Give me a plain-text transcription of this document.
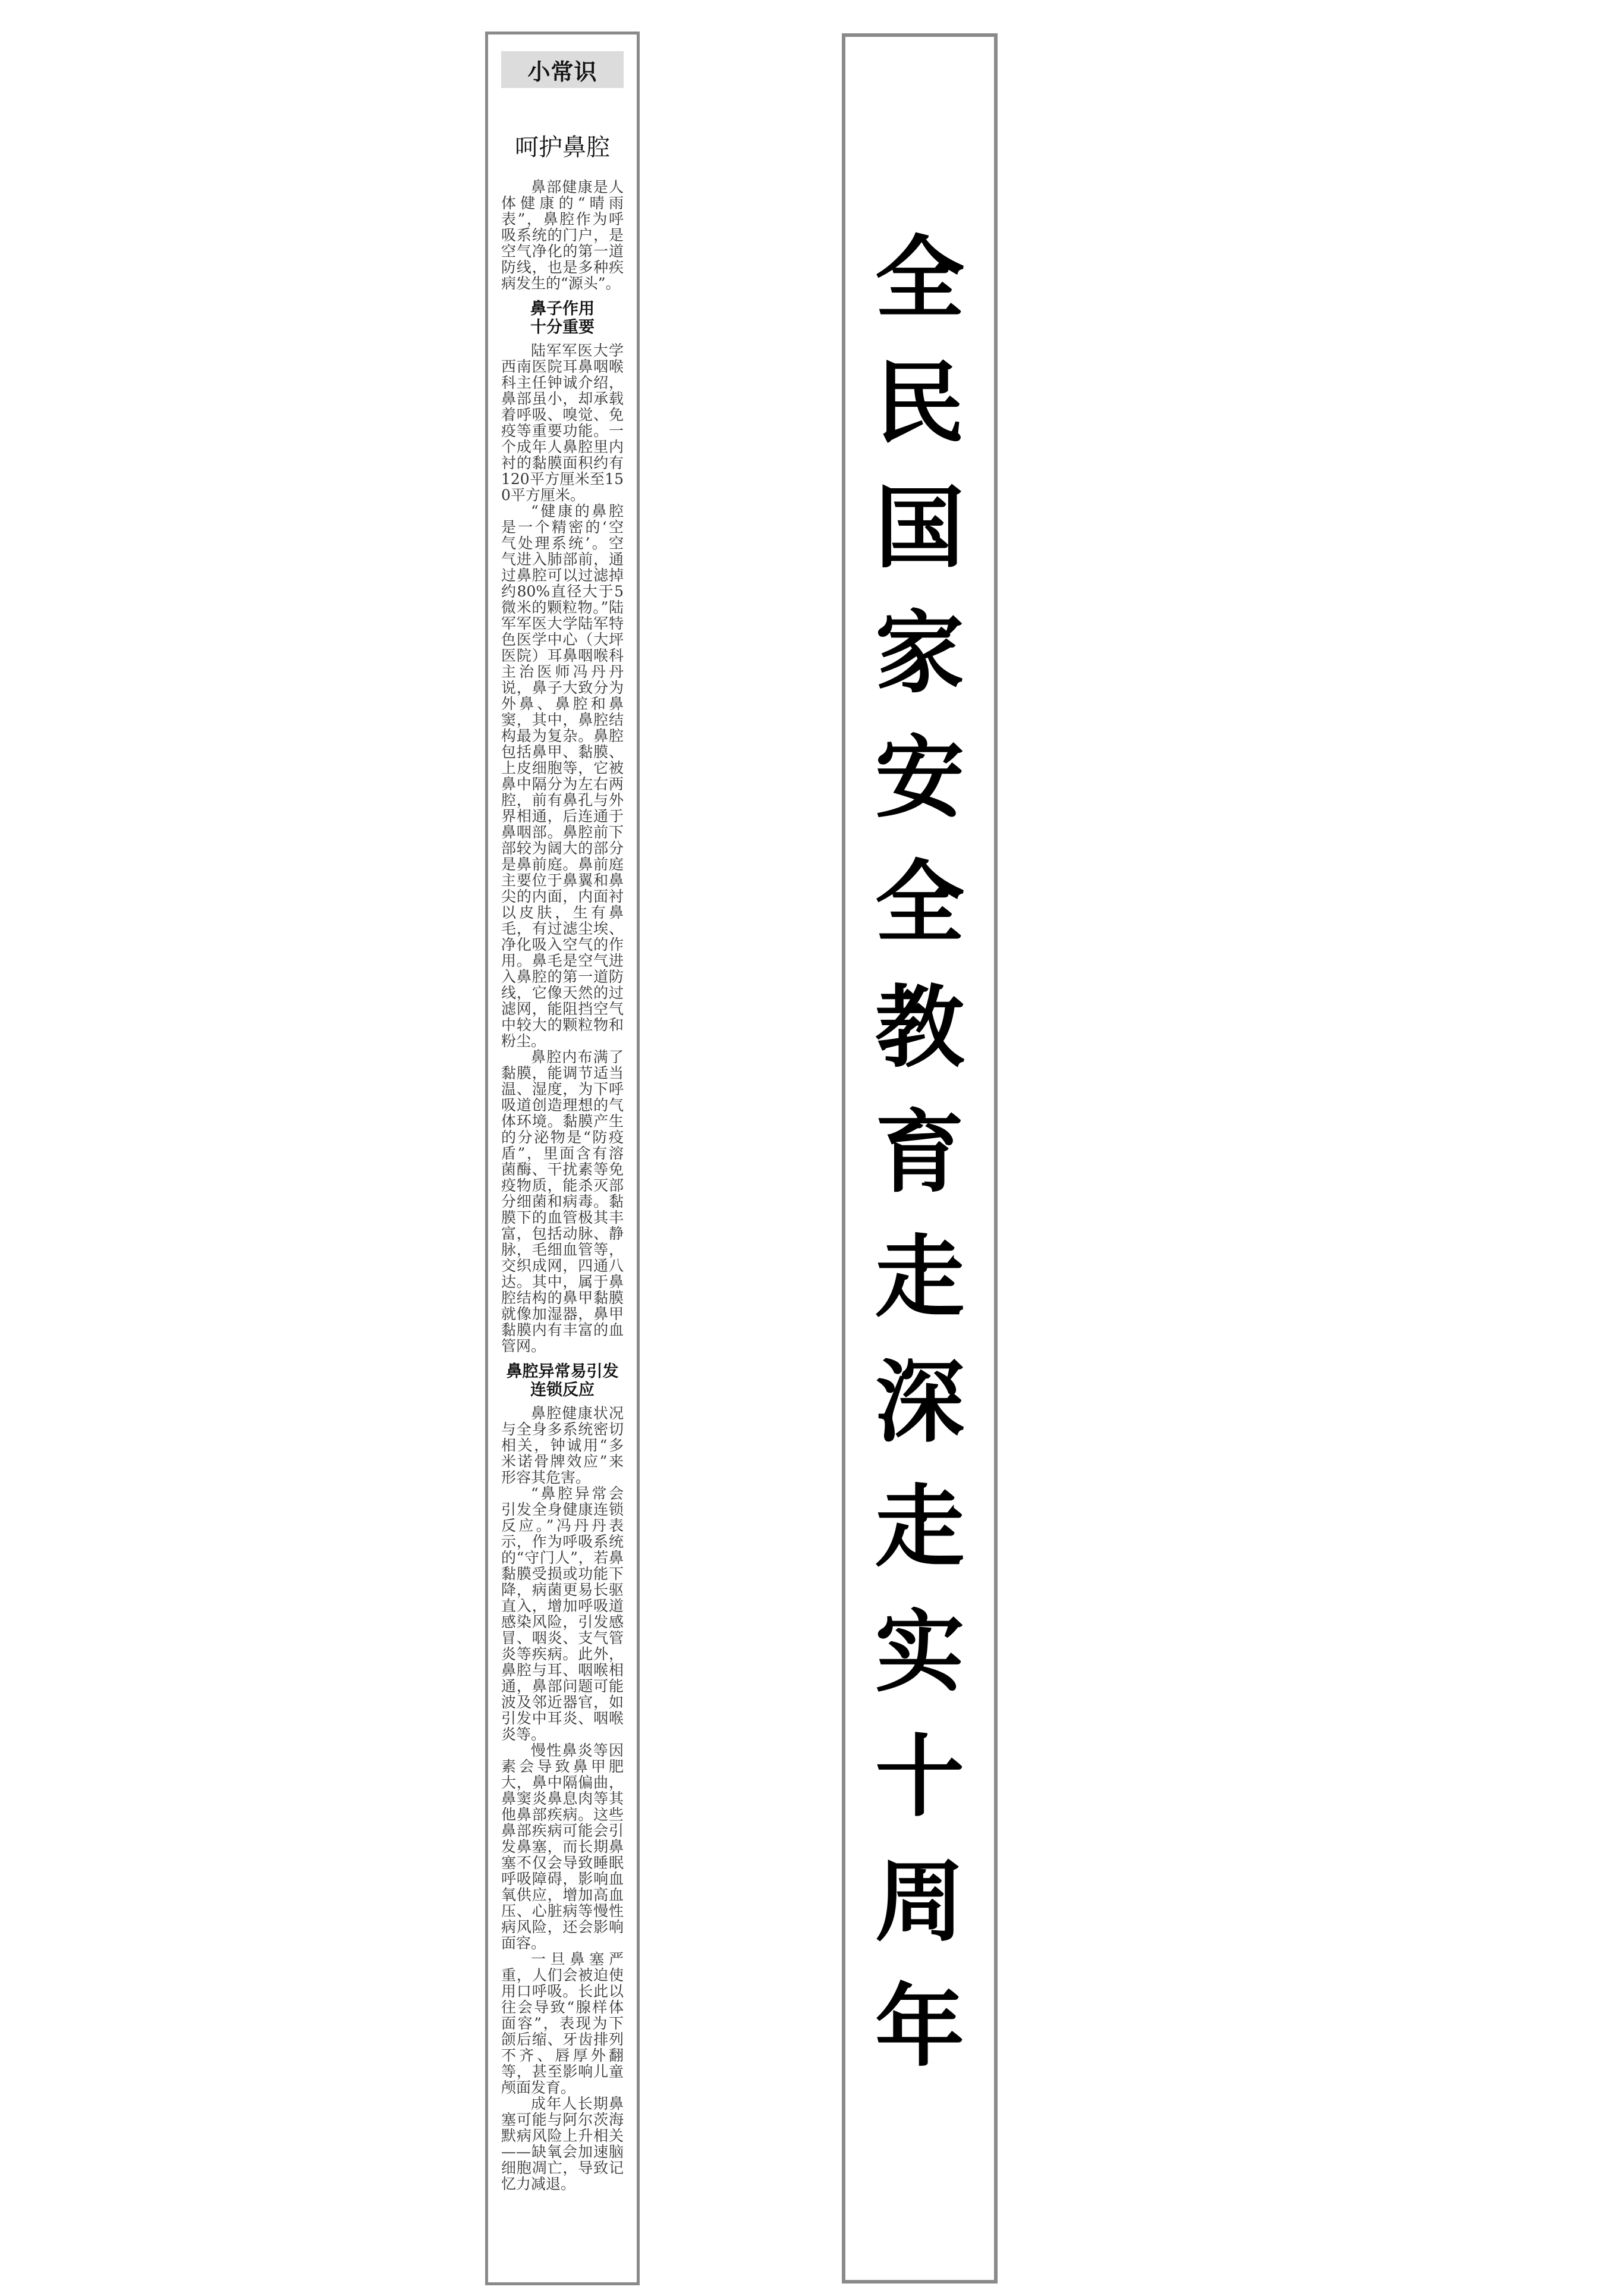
小常识
呵护鼻腔

鼻部健康是人体健康的“晴雨表”，鼻腔作为呼吸系统的门户，是空气净化的第一道防线，也是多种疾病发生的“源头”。

鼻子作用
十分重要

陆军军医大学西南医院耳鼻咽喉科主任钟诚介绍，鼻部虽小，却承载着呼吸、嗅觉、免疫等重要功能。一个成年人鼻腔里内衬的黏膜面积约有120平方厘米至150平方厘米。

“健康的鼻腔是一个精密的‘空气处理系统’。空气进入肺部前，通过鼻腔可以过滤掉约80%直径大于5微米的颗粒物。”陆军军医大学陆军特色医学中心（大坪医院）耳鼻咽喉科主治医师冯丹丹说，鼻子大致分为外鼻、鼻腔和鼻窦，其中，鼻腔结构最为复杂。鼻腔包括鼻甲、黏膜、上皮细胞等，它被鼻中隔分为左右两腔，前有鼻孔与外界相通，后连通于鼻咽部。鼻腔前下部较为阔大的部分是鼻前庭。鼻前庭主要位于鼻翼和鼻尖的内面，内面衬以皮肤，生有鼻毛，有过滤尘埃、净化吸入空气的作用。鼻毛是空气进入鼻腔的第一道防线，它像天然的过滤网，能阻挡空气中较大的颗粒物和粉尘。

鼻腔内布满了黏膜，能调节适当温、湿度，为下呼吸道创造理想的气体环境。黏膜产生的分泌物是“防疫盾”，里面含有溶菌酶、干扰素等免疫物质，能杀灭部分细菌和病毒。黏膜下的血管极其丰富，包括动脉、静脉，毛细血管等，交织成网，四通八达。其中，属于鼻腔结构的鼻甲黏膜就像加湿器，鼻甲黏膜内有丰富的血管网。

鼻腔异常易引发
连锁反应

鼻腔健康状况与全身多系统密切相关，钟诚用“多米诺骨牌效应”来形容其危害。

“鼻腔异常会引发全身健康连锁反应。”冯丹丹表示，作为呼吸系统的“守门人”，若鼻黏膜受损或功能下降，病菌更易长驱直入，增加呼吸道感染风险，引发感冒、咽炎、支气管炎等疾病。此外，鼻腔与耳、咽喉相通，鼻部问题可能波及邻近器官，如引发中耳炎、咽喉炎等。

慢性鼻炎等因素会导致鼻甲肥大，鼻中隔偏曲，鼻窦炎鼻息肉等其他鼻部疾病。这些鼻部疾病可能会引发鼻塞，而长期鼻塞不仅会导致睡眠呼吸障碍，影响血氧供应，增加高血压、心脏病等慢性病风险，还会影响面容。

一旦鼻塞严重，人们会被迫使用口呼吸。长此以往会导致“腺样体面容”，表现为下颌后缩、牙齿排列不齐、唇厚外翻等，甚至影响儿童颅面发育。

成年人长期鼻塞可能与阿尔茨海默病风险上升相关——缺氧会加速脑细胞凋亡，导致记忆力减退。

全
民
国
家
安
全
教
育
走
深
走
实
十
周
年
